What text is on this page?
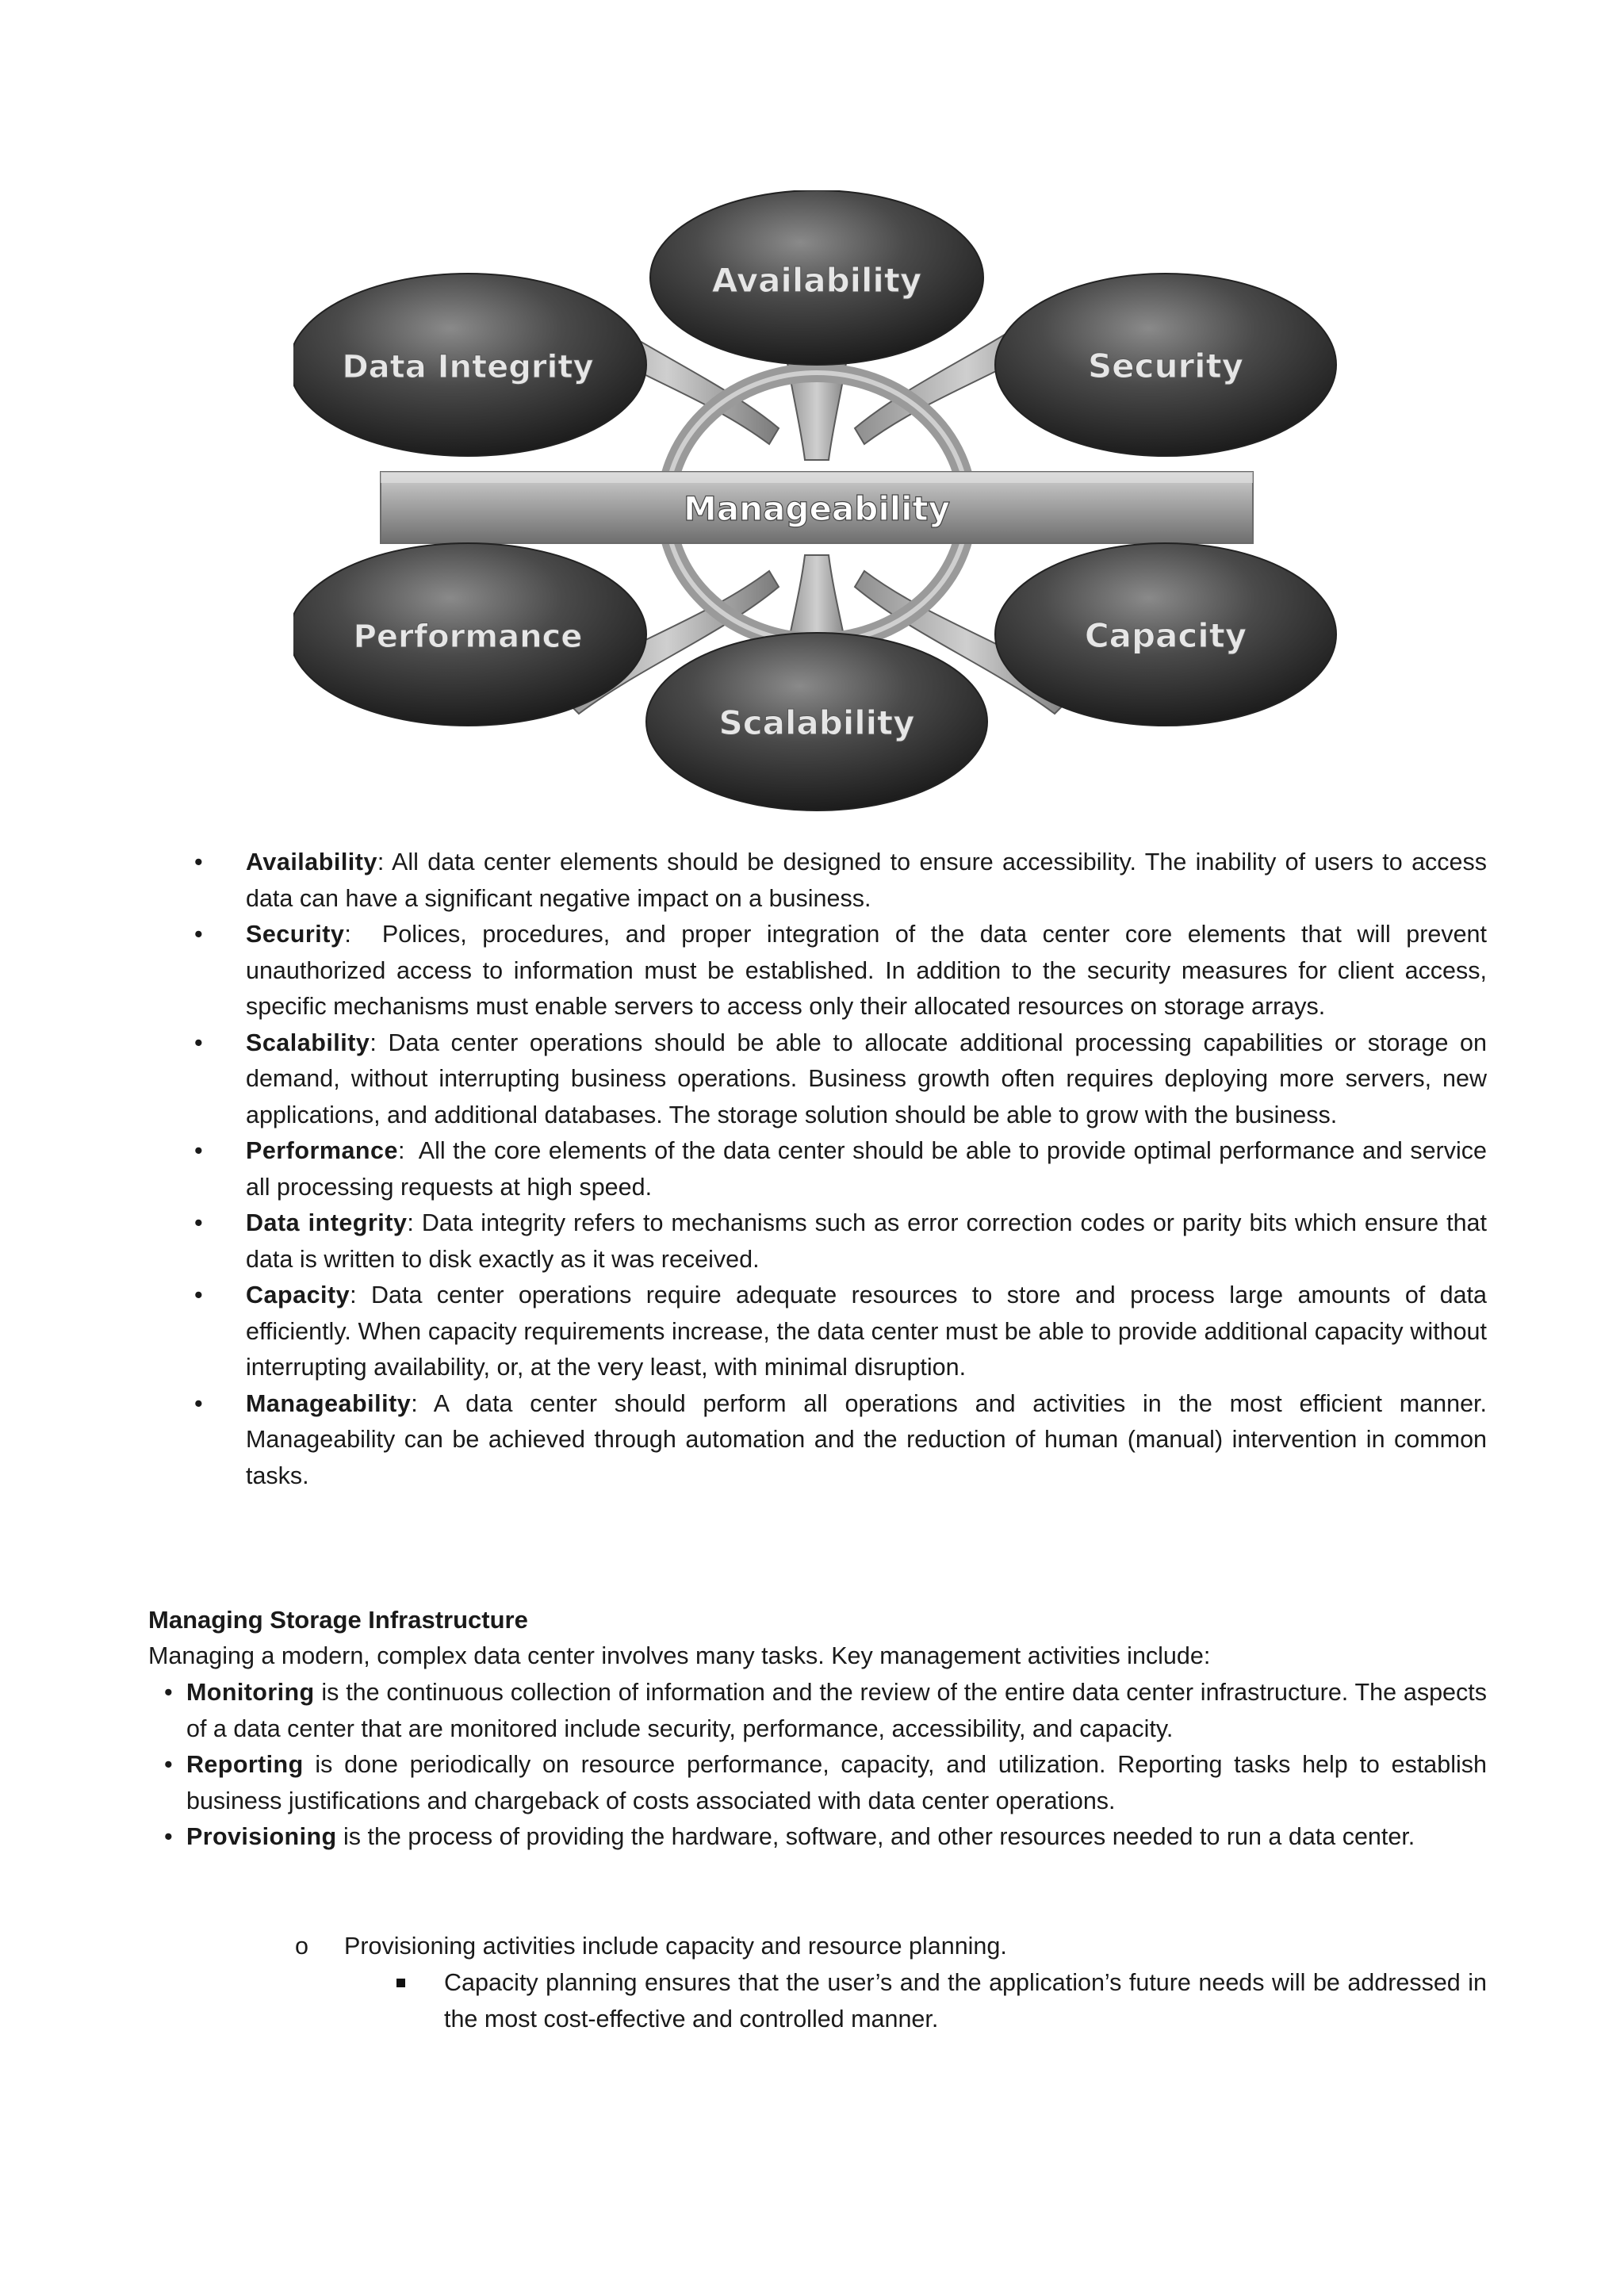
Availability
Data Integrity	Security
Performance	Capacity
Scalability
Manageability
•	Availability: All data center elements should be designed to ensure accessibility. The inability of users to access data can have a significant negative impact on a business.
•	Security:  Polices, procedures, and proper integration of the data center core elements that will prevent unauthorized access to information must be established. In addition to the security measures for client access, specific mechanisms must enable servers to access only their allocated resources on storage arrays.
•	Scalability: Data center operations should be able to allocate additional processing capabilities or storage on demand, without interrupting business operations. Business growth often requires deploying more servers, new applications, and additional databases. The storage solution should be able to grow with the business.
•	Performance:  All the core elements of the data center should be able to provide optimal performance and service all processing requests at high speed.
•	Data integrity: Data integrity refers to mechanisms such as error correction codes or parity bits which ensure that data is written to disk exactly as it was received.
•	Capacity: Data center operations require adequate resources to store and process large amounts of data efficiently. When capacity requirements increase, the data center must be able to provide additional capacity without interrupting availability, or, at the very least, with minimal disruption.
•	Manageability: A data center should perform all operations and activities in the most efficient manner. Manageability can be achieved through automation and the reduction of human (manual) intervention in common tasks.
Managing Storage Infrastructure
Managing a modern, complex data center involves many tasks. Key management activities include:
• Monitoring is the continuous collection of information and the review of the entire data center infrastructure. The aspects of a data center that are monitored include security, performance, accessibility, and capacity.
• Reporting is done periodically on resource performance, capacity, and utilization. Reporting tasks help to establish business justifications and chargeback of costs associated with data center operations.
• Provisioning is the process of providing the hardware, software, and other resources needed to run a data center.
o Provisioning activities include capacity and resource planning.
Capacity planning ensures that the user’s and the application’s future needs will be addressed in the most cost-effective and controlled manner.
